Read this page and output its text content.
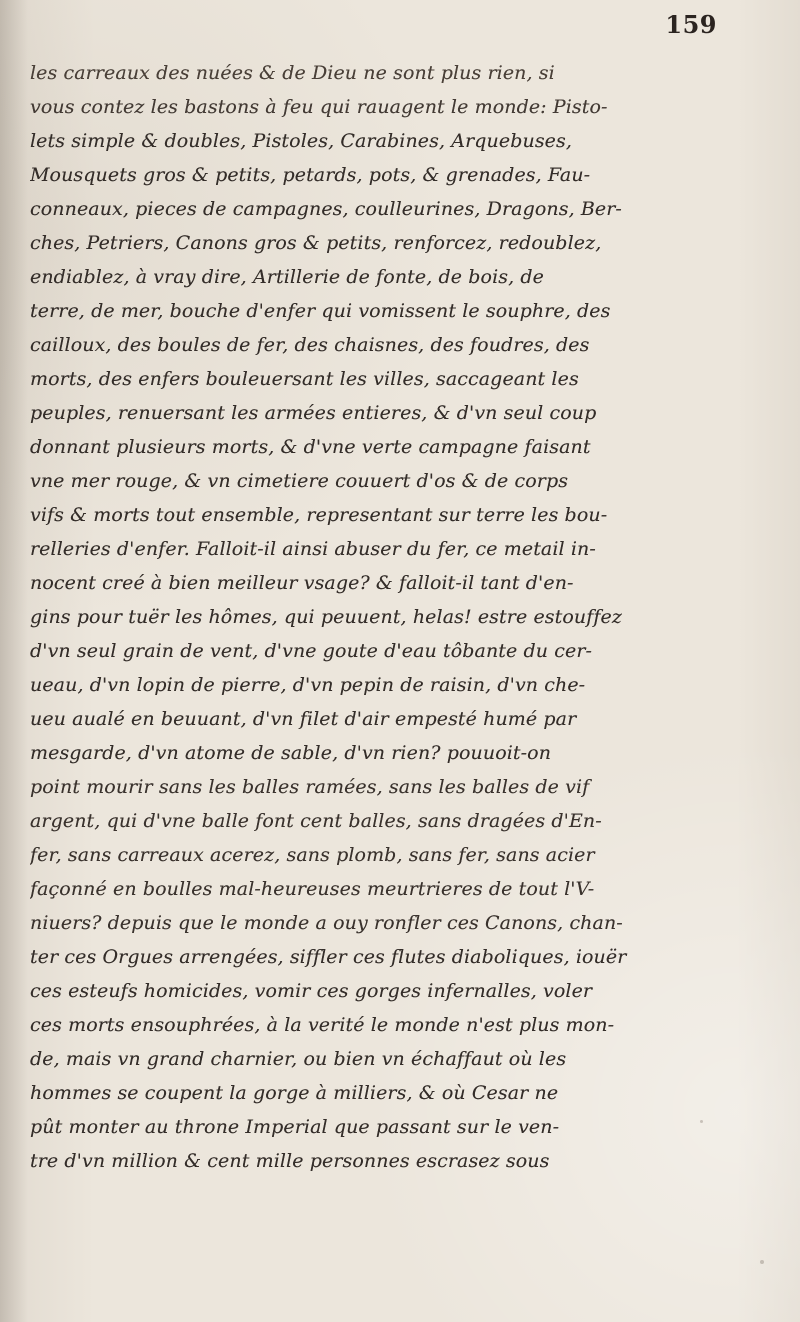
159
les carreaux des nuées & de Dieu ne sont plus rien, si
vous contez les bastons à feu qui rauagent le monde: Pisto-
lets simple & doubles, Pistoles, Carabines, Arquebuses,
Mousquets gros & petits, petards, pots, & grenades, Fau-
conneaux, pieces de campagnes, coulleurines, Dragons, Ber-
ches, Petriers, Canons gros & petits, renforcez, redoublez,
endiablez, à vray dire, Artillerie de fonte, de bois, de
terre, de mer, bouche d'enfer qui vomissent le souphre, des
cailloux, des boules de fer, des chaisnes, des foudres, des
morts, des enfers bouleuersant les villes, saccageant les
peuples, renuersant les armées entieres, & d'vn seul coup
donnant plusieurs morts, & d'vne verte campagne faisant
vne mer rouge, & vn cimetiere couuert d'os & de corps
vifs & morts tout ensemble, representant sur terre les bou-
relleries d'enfer. Falloit-il ainsi abuser du fer, ce metail in-
nocent creé à bien meilleur vsage? & falloit-il tant d'en-
gins pour tuër les hômes, qui peuuent, helas! estre estouffez
d'vn seul grain de vent, d'vne goute d'eau tôbante du cer-
ueau, d'vn lopin de pierre, d'vn pepin de raisin, d'vn che-
ueu aualé en beuuant, d'vn filet d'air empesté humé par
mesgarde, d'vn atome de sable, d'vn rien? pouuoit-on
point mourir sans les balles ramées, sans les balles de vif
argent, qui d'vne balle font cent balles, sans dragées d'En-
fer, sans carreaux acerez, sans plomb, sans fer, sans acier
façonné en boulles mal-heureuses meurtrieres de tout l'V-
niuers? depuis que le monde a ouy ronfler ces Canons, chan-
ter ces Orgues arrengées, siffler ces flutes diaboliques, iouër
ces esteufs homicides, vomir ces gorges infernalles, voler
ces morts ensouphrées, à la verité le monde n'est plus mon-
de, mais vn grand charnier, ou bien vn échaffaut où les
hommes se coupent la gorge à milliers, & où Cesar ne
pût monter au throne Imperial que passant sur le ven-
tre d'vn million & cent mille personnes escrasez sous
